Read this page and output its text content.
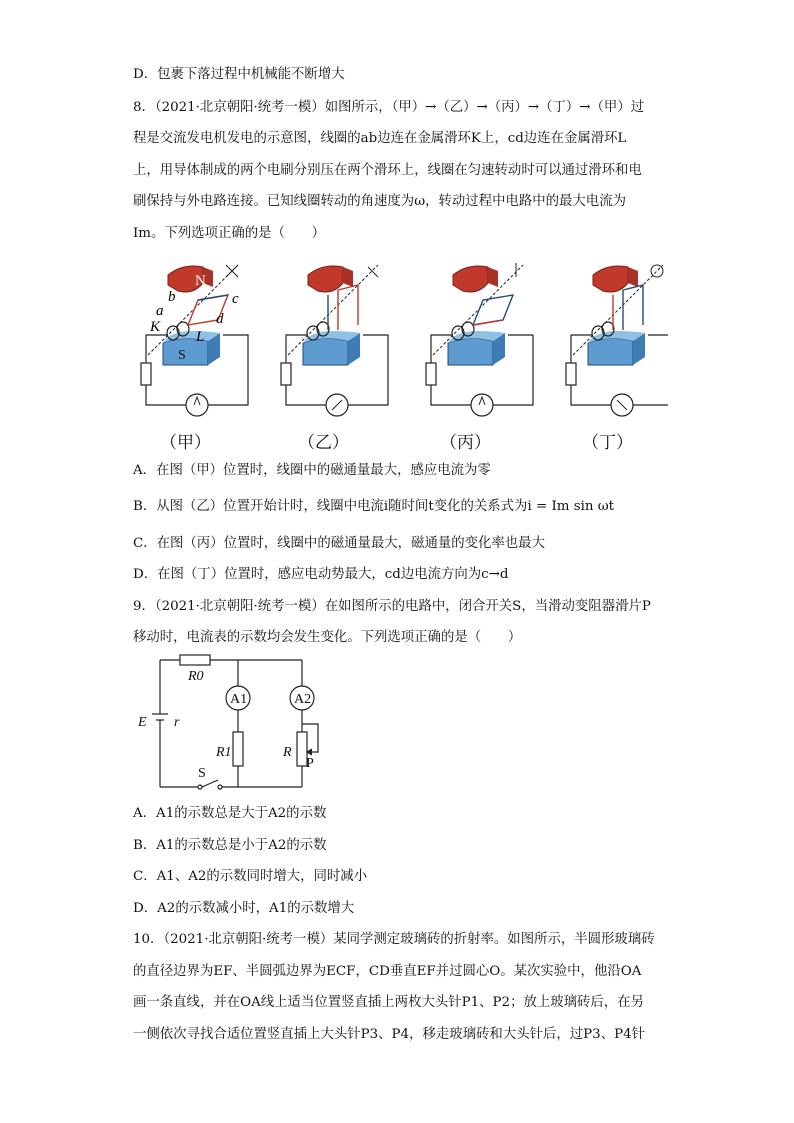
D．包裹下落过程中机械能不断增大
8．（2021·北京朝阳·统考一模）如图所示，（甲）→（乙）→（丙）→（丁）→（甲）过
程是交流发电机发电的示意图，线圈的ab边连在金属滑环K上，cd边连在金属滑环L
上，用导体制成的两个电刷分别压在两个滑环上，线圈在匀速转动时可以通过滑环和电
刷保持与外电路连接。已知线圈转动的角速度为ω，转动过程中电路中的最大电流为
Im。下列选项正确的是（　　）
N
S
K
L
a
b	c
d
（甲）	（乙）	（丙）	（丁）
A．在图（甲）位置时，线圈中的磁通量最大，感应电流为零
B．从图（乙）位置开始计时，线圈中电流i随时间t变化的关系式为i = Im sin ωt
C．在图（丙）位置时，线圈中的磁通量最大，磁通量的变化率也最大
D．在图（丁）位置时，感应电动势最大，cd边电流方向为c→d
9．（2021·北京朝阳·统考一模）在如图所示的电路中，闭合开关S，当滑动变阻器滑片P
移动时，电流表的示数均会发生变化。下列选项正确的是（　　）
R0
A1	A2
E r
R1	R
P
S
A．A1的示数总是大于A2的示数
B．A1的示数总是小于A2的示数
C．A1、A2的示数同时增大，同时减小
D．A2的示数减小时，A1的示数增大
10．（2021·北京朝阳·统考一模）某同学测定玻璃砖的折射率。如图所示，半圆形玻璃砖
的直径边界为EF、半圆弧边界为ECF，CD垂直EF并过圆心O。某次实验中，他沿OA
画一条直线，并在OA线上适当位置竖直插上两枚大头针P1、P2；放上玻璃砖后，在另
一侧依次寻找合适位置竖直插上大头针P3、P4，移走玻璃砖和大头针后，过P3、P4针
